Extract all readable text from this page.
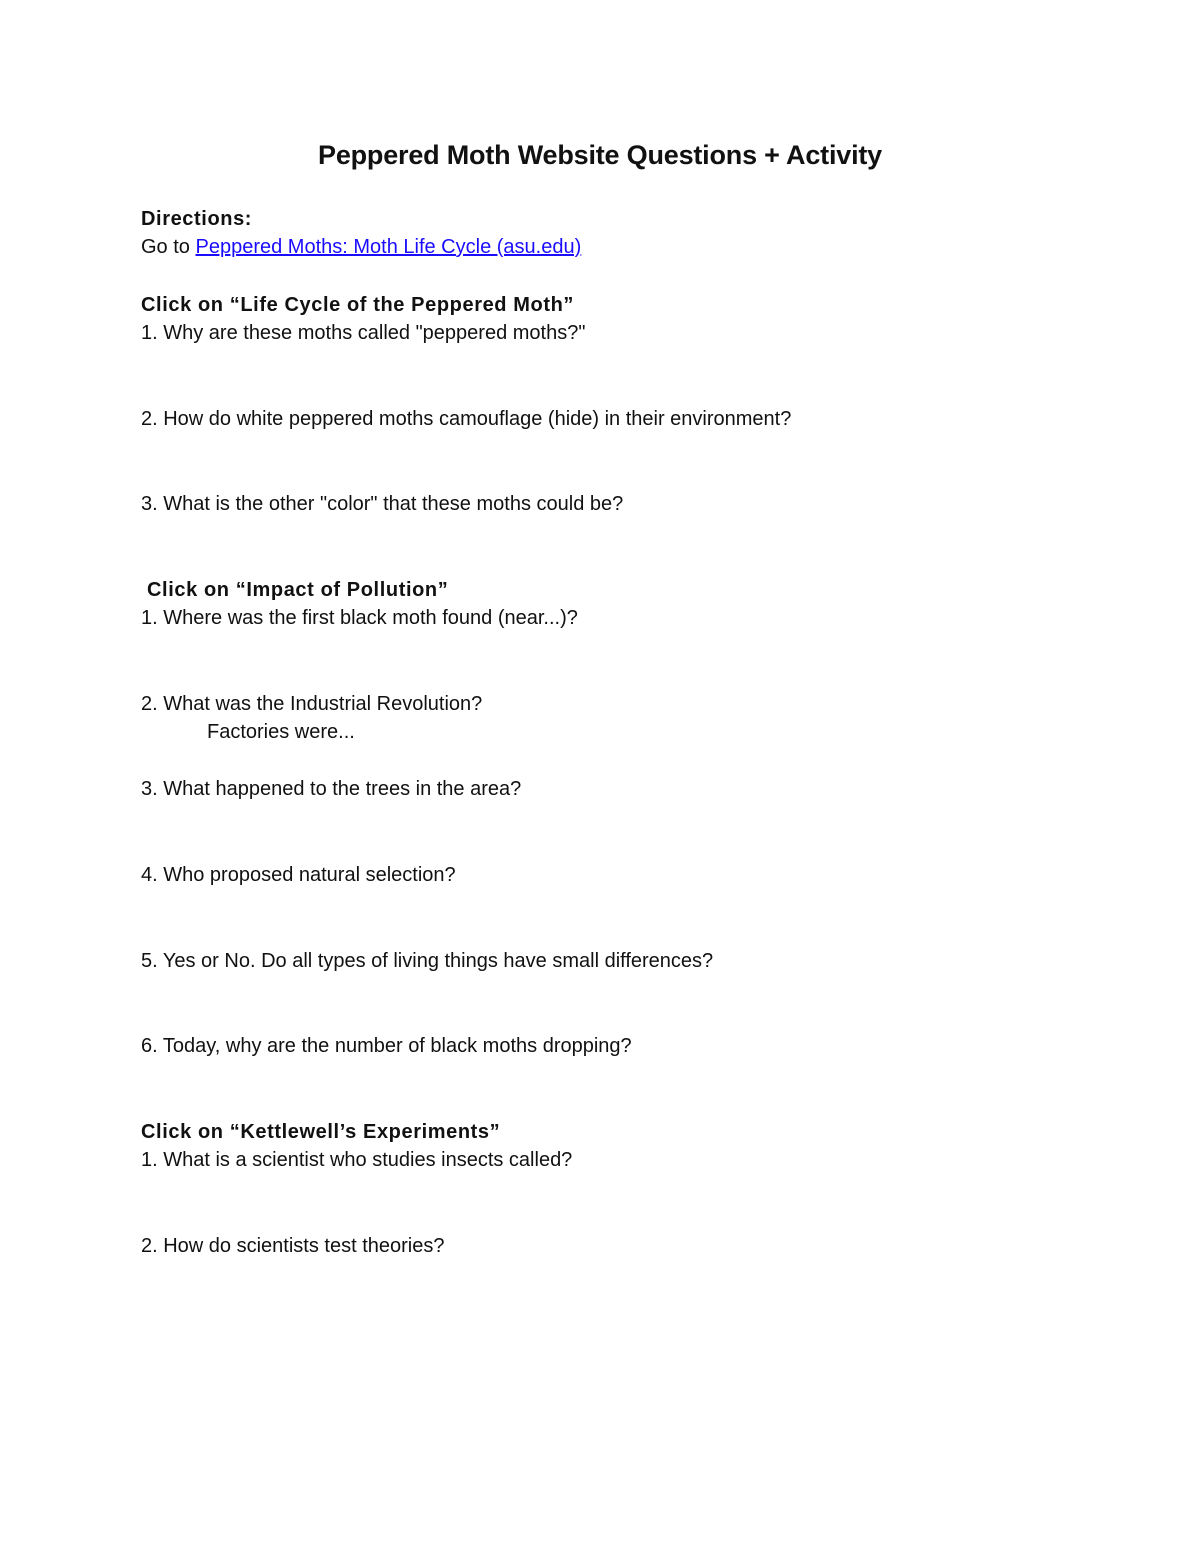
Peppered Moth Website Questions + Activity
Directions:
Go to Peppered Moths: Moth Life Cycle (asu.edu)
Click on “Life Cycle of the Peppered Moth”
1. Why are these moths called "peppered moths?"
2. How do white peppered moths camouflage (hide) in their environment?
3. What is the other "color" that these moths could be?
Click on “Impact of Pollution”
1. Where was the first black moth found (near...)?
2. What was the Industrial Revolution?
Factories were...
3. What happened to the trees in the area?
4. Who proposed natural selection?
5. Yes or No. Do all types of living things have small differences?
6. Today, why are the number of black moths dropping?
Click on “Kettlewell’s Experiments”
1. What is a scientist who studies insects called?
2. How do scientists test theories?
